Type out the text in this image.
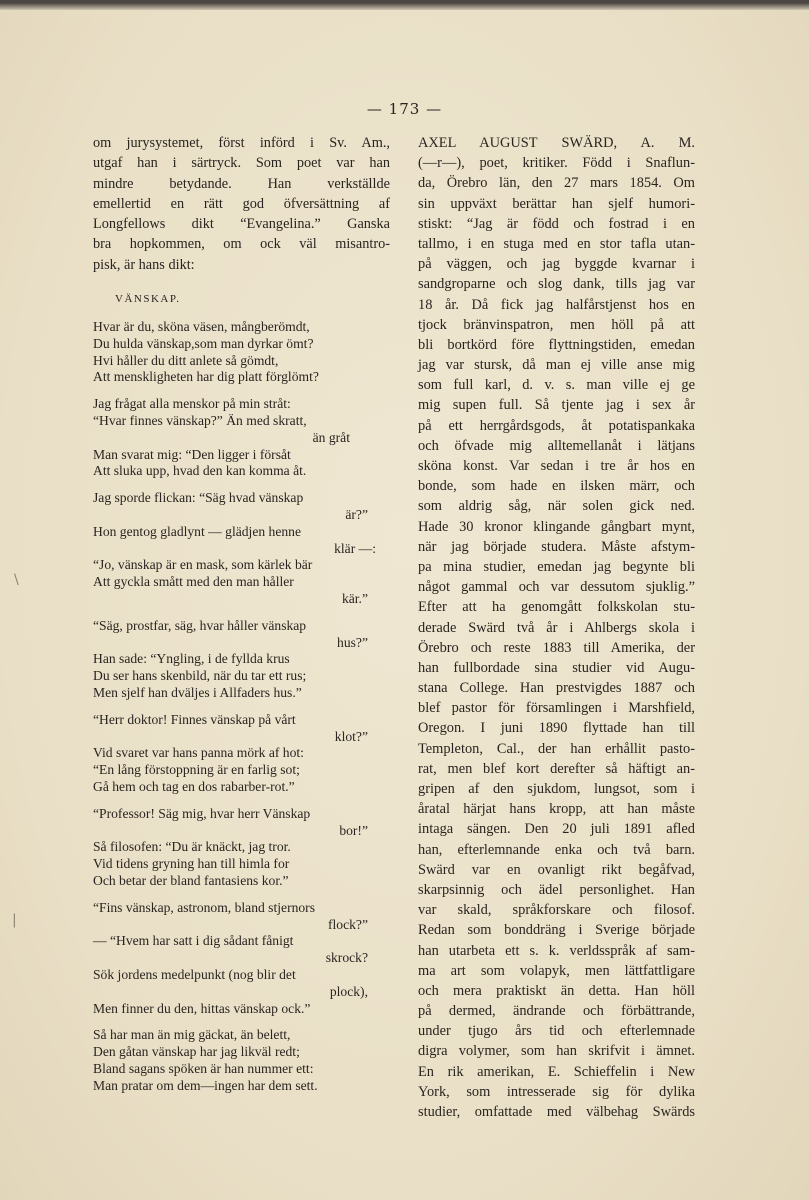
— 173 —
\
|
om jurysystemet, först införd i Sv. Am.,
utgaf han i särtryck. Som poet var han
mindre betydande. Han verkställde
emellertid en rätt god öfversättning af
Longfellows dikt “Evangelina.” Ganska
bra hopkommen, om ock väl misantro-
pisk, är hans dikt:
VÄNSKAP.
Hvar är du, sköna väsen, mångberömdt,
Du hulda vänskap,som man dyrkar ömt?
Hvi håller du ditt anlete så gömdt,
Att menskligheten har dig platt förglömt?
Jag frågat alla menskor på min stråt:
“Hvar finnes vänskap?” Än med skratt,
än gråt
Man svarat mig: “Den ligger i försåt
Att sluka upp, hvad den kan komma åt.
Jag sporde flickan: “Säg hvad vänskap
är?”
Hon gentog gladlynt — glädjen henne
klär —:
“Jo, vänskap är en mask, som kärlek bär
Att gyckla smått med den man håller
kär.”
“Säg, prostfar, säg, hvar håller vänskap
hus?”
Han sade: “Yngling, i de fyllda krus
Du ser hans skenbild, när du tar ett rus;
Men sjelf han dväljes i Allfaders hus.”
“Herr doktor! Finnes vänskap på vårt
klot?”
Vid svaret var hans panna mörk af hot:
“En lång förstoppning är en farlig sot;
Gå hem och tag en dos rabarber-rot.”
“Professor! Säg mig, hvar herr Vänskap
bor!”
Så filosofen: “Du är knäckt, jag tror.
Vid tidens gryning han till himla for
Och betar der bland fantasiens kor.”
“Fins vänskap, astronom, bland stjernors
flock?”
— “Hvem har satt i dig sådant fånigt
skrock?
Sök jordens medelpunkt (nog blir det
plock),
Men finner du den, hittas vänskap ock.”
Så har man än mig gäckat, än belett,
Den gåtan vänskap har jag likväl redt;
Bland sagans spöken är han nummer ett:
Man pratar om dem—ingen har dem sett.
AXEL AUGUST SWÄRD, A. M.
(—r—), poet, kritiker. Född i Snaflun-
da, Örebro län, den 27 mars 1854. Om
sin uppväxt berättar han sjelf humori-
stiskt: “Jag är född och fostrad i en
tallmo, i en stuga med en stor tafla utan-
på väggen, och jag byggde kvarnar i
sandgroparne och slog dank, tills jag var
18 år. Då fick jag halfårstjenst hos en
tjock bränvinspatron, men höll på att
bli bortkörd före flyttningstiden, emedan
jag var stursk, då man ej ville anse mig
som full karl, d. v. s. man ville ej ge
mig supen full. Så tjente jag i sex år
på ett herrgårdsgods, åt potatispankaka
och öfvade mig alltemellanåt i lätjans
sköna konst. Var sedan i tre år hos en
bonde, som hade en ilsken märr, och
som aldrig såg, när solen gick ned.
Hade 30 kronor klingande gångbart mynt,
när jag började studera. Måste afstym-
pa mina studier, emedan jag begynte bli
något gammal och var dessutom sjuklig.”
Efter att ha genomgått folkskolan stu-
derade Swärd två år i Ahlbergs skola i
Örebro och reste 1883 till Amerika, der
han fullbordade sina studier vid Augu-
stana College. Han prestvigdes 1887 och
blef pastor för församlingen i Marshfield,
Oregon. I juni 1890 flyttade han till
Templeton, Cal., der han erhållit pasto-
rat, men blef kort derefter så häftigt an-
gripen af den sjukdom, lungsot, som i
åratal härjat hans kropp, att han måste
intaga sängen. Den 20 juli 1891 afled
han, efterlemnande enka och två barn.
Swärd var en ovanligt rikt begåfvad,
skarpsinnig och ädel personlighet. Han
var skald, språkforskare och filosof.
Redan som bonddräng i Sverige började
han utarbeta ett s. k. verldsspråk af sam-
ma art som volapyk, men lättfattligare
och mera praktiskt än detta. Han höll
på dermed, ändrande och förbättrande,
under tjugo års tid och efterlemnade
digra volymer, som han skrifvit i ämnet.
En rik amerikan, E. Schieffelin i New
York, som intresserade sig för dylika
studier, omfattade med välbehag Swärds
